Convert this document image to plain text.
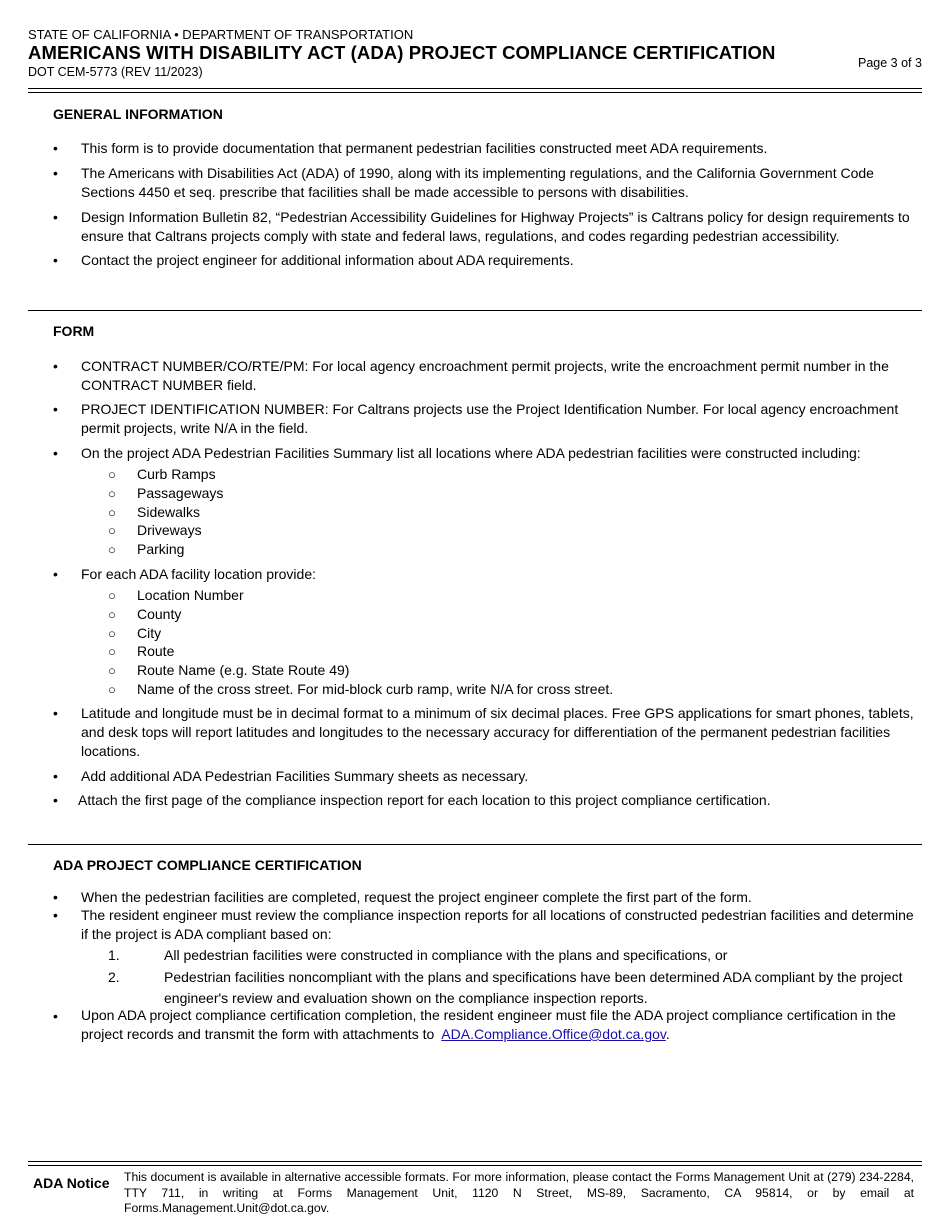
STATE OF CALIFORNIA • DEPARTMENT OF TRANSPORTATION
AMERICANS WITH DISABILITY ACT (ADA) PROJECT COMPLIANCE CERTIFICATION
DOT CEM-5773 (REV 11/2023)
Page 3 of 3
GENERAL INFORMATION
• This form is to provide documentation that permanent pedestrian facilities constructed meet ADA requirements.
• The Americans with Disabilities Act (ADA) of 1990, along with its implementing regulations, and the California Government Code Sections 4450 et seq. prescribe that facilities shall be made accessible to persons with disabilities.
• Design Information Bulletin 82, “Pedestrian Accessibility Guidelines for Highway Projects” is Caltrans policy for design requirements to ensure that Caltrans projects comply with state and federal laws, regulations, and codes regarding pedestrian accessibility.
• Contact the project engineer for additional information about ADA requirements.
FORM
• CONTRACT NUMBER/CO/RTE/PM: For local agency encroachment permit projects, write the encroachment permit number in the CONTRACT NUMBER field.
• PROJECT IDENTIFICATION NUMBER: For Caltrans projects use the Project Identification Number. For local agency encroachment permit projects, write N/A in the field.
• On the project ADA Pedestrian Facilities Summary list all locations where ADA pedestrian facilities were constructed including:
○ Curb Ramps
○ Passageways
○ Sidewalks
○ Driveways
○ Parking
• For each ADA facility location provide:
○ Location Number
○ County
○ City
○ Route
○ Route Name (e.g. State Route 49)
○ Name of the cross street. For mid-block curb ramp, write N/A for cross street.
• Latitude and longitude must be in decimal format to a minimum of six decimal places. Free GPS applications for smart phones, tablets, and desk tops will report latitudes and longitudes to the necessary accuracy for differentiation of the permanent pedestrian facilities locations.
• Add additional ADA Pedestrian Facilities Summary sheets as necessary.
• Attach the first page of the compliance inspection report for each location to this project compliance certification.
ADA PROJECT COMPLIANCE CERTIFICATION
• When the pedestrian facilities are completed, request the project engineer complete the first part of the form.
• The resident engineer must review the compliance inspection reports for all locations of constructed pedestrian facilities and determine if the project is ADA compliant based on:
1.	All pedestrian facilities were constructed in compliance with the plans and specifications, or
2.	Pedestrian facilities noncompliant with the plans and specifications have been determined ADA compliant by the project engineer's review and evaluation shown on the compliance inspection reports.
• Upon ADA project compliance certification completion, the resident engineer must file the ADA project compliance certification in the project records and transmit the form with attachments to ADA.Compliance.Office@dot.ca.gov.
ADA Notice This document is available in alternative accessible formats. For more information, please contact the Forms Management Unit at (279) 234-2284, TTY 711, in writing at Forms Management Unit, 1120 N Street, MS-89, Sacramento, CA 95814, or by email at Forms.Management.Unit@dot.ca.gov.
